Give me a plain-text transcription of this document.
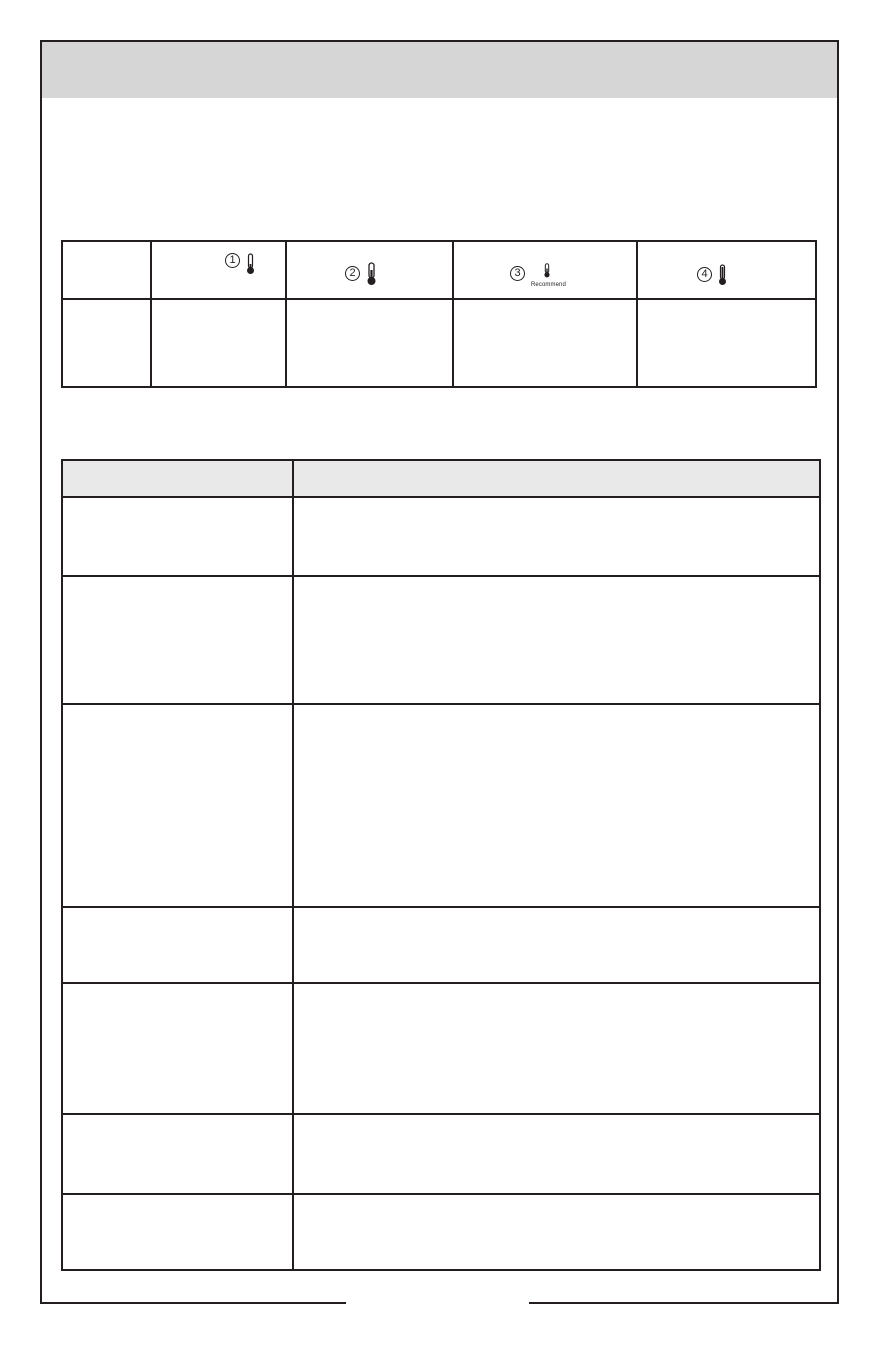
1
2	3
Recommend
4
